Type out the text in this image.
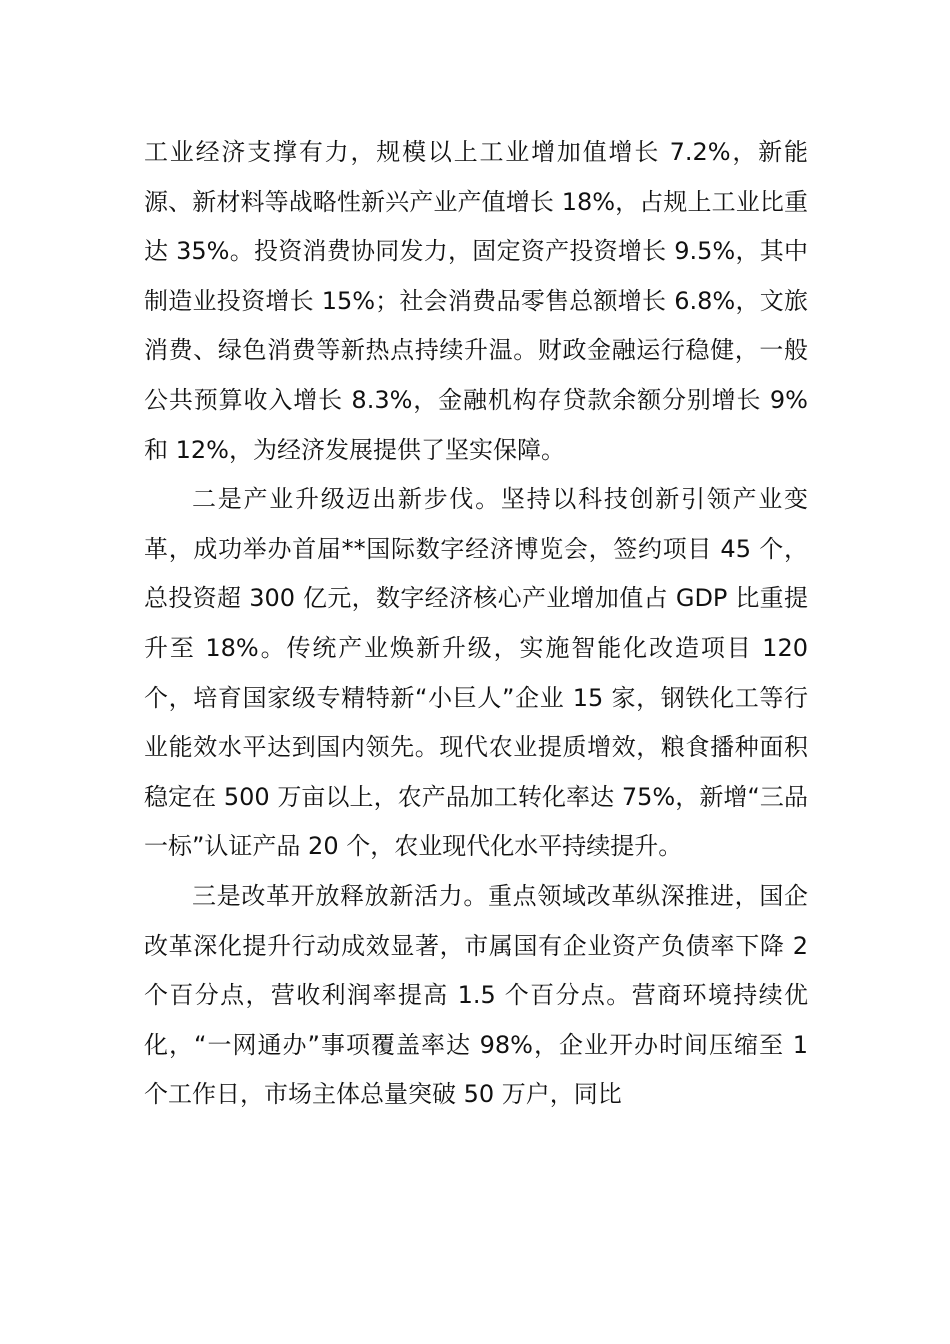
工业经济支撑有力，规模以上工业增加值增长 7.2%，新能源、新材料等战略性新兴产业产值增长 18%，占规上工业比重达 35%。投资消费协同发力，固定资产投资增长 9.5%，其中制造业投资增长 15%；社会消费品零售总额增长 6.8%，文旅消费、绿色消费等新热点持续升温。财政金融运行稳健，一般公共预算收入增长 8.3%，金融机构存贷款余额分别增长 9%和 12%，为经济发展提供了坚实保障。

二是产业升级迈出新步伐。坚持以科技创新引领产业变革，成功举办首届**国际数字经济博览会，签约项目 45 个，总投资超 300 亿元，数字经济核心产业增加值占 GDP 比重提升至 18%。传统产业焕新升级，实施智能化改造项目 120 个，培育国家级专精特新“小巨人”企业 15 家，钢铁化工等行业能效水平达到国内领先。现代农业提质增效，粮食播种面积稳定在 500 万亩以上，农产品加工转化率达 75%，新增“三品一标”认证产品 20 个，农业现代化水平持续提升。

三是改革开放释放新活力。重点领域改革纵深推进，国企改革深化提升行动成效显著，市属国有企业资产负债率下降 2 个百分点，营收利润率提高 1.5 个百分点。营商环境持续优化，“一网通办”事项覆盖率达 98%，企业开办时间压缩至 1 个工作日，市场主体总量突破 50 万户，同比
